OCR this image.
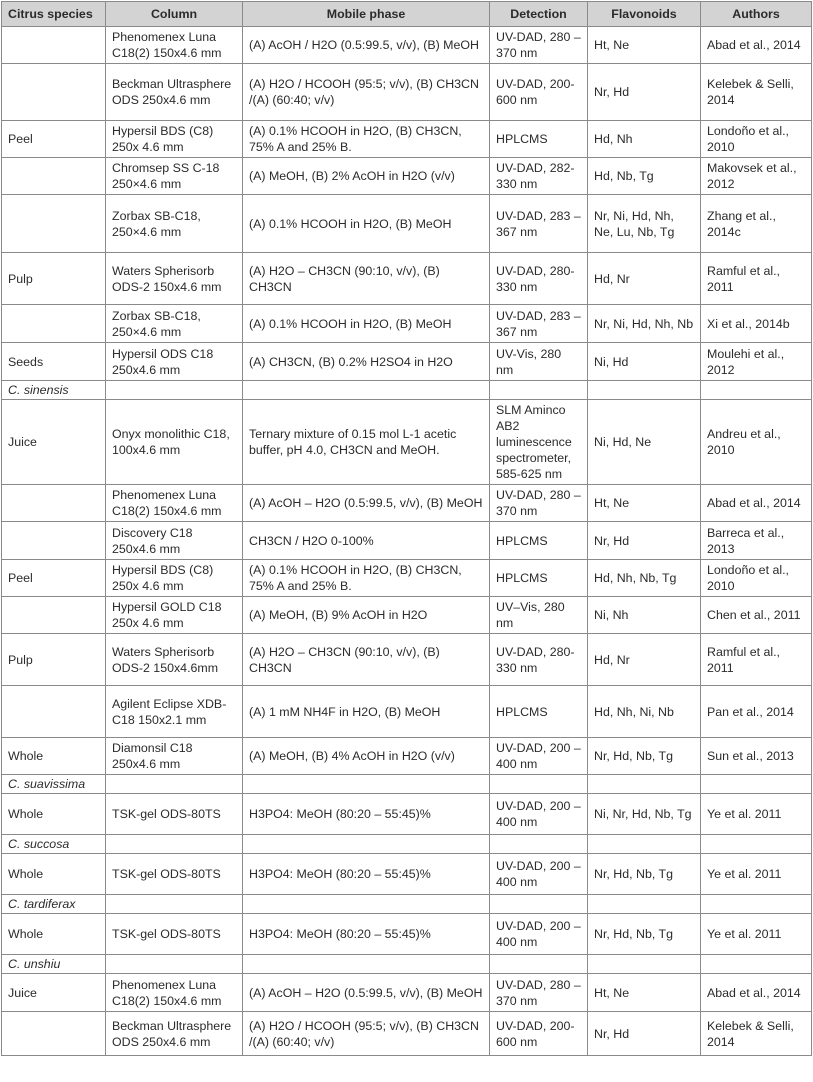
Citrus species	Column	Mobile phase	Detection	Flavonoids	Authors
	Phenomenex Luna C18(2) 150x4.6 mm	(A) AcOH / H2O (0.5:99.5, v/v), (B) MeOH	UV-DAD, 280 – 370 nm	Ht, Ne	Abad et al., 2014
	Beckman Ultrasphere ODS 250x4.6 mm	(A) H2O / HCOOH (95:5; v/v), (B) CH3CN /(A) (60:40; v/v)	UV-DAD, 200-600 nm	Nr, Hd	Kelebek & Selli, 2014
Peel	Hypersil BDS (C8) 250x 4.6 mm	(A) 0.1% HCOOH in H2O, (B) CH3CN, 75% A and 25% B.	HPLCMS	Hd, Nh	Londoño et al., 2010
	Chromsep SS C-18 250×4.6 mm	(A) MeOH, (B) 2% AcOH in H2O (v/v)	UV-DAD, 282-330 nm	Hd, Nb, Tg	Makovsek et al., 2012
	Zorbax SB-C18, 250×4.6 mm	(A) 0.1% HCOOH in H2O, (B) MeOH	UV-DAD, 283 – 367 nm	Nr, Ni, Hd, Nh, Ne, Lu, Nb, Tg	Zhang et al., 2014c
Pulp	Waters Spherisorb ODS-2 150x4.6 mm	(A) H2O – CH3CN (90:10, v/v), (B) CH3CN	UV-DAD, 280-330 nm	Hd, Nr	Ramful et al., 2011
	Zorbax SB-C18, 250×4.6 mm	(A) 0.1% HCOOH in H2O, (B) MeOH	UV-DAD, 283 – 367 nm	Nr, Ni, Hd, Nh, Nb	Xi et al., 2014b
Seeds	Hypersil ODS C18 250x4.6 mm	(A) CH3CN, (B) 0.2% H2SO4 in H2O	UV-Vis, 280 nm	Ni, Hd	Moulehi et al., 2012
C. sinensis					
Juice	Onyx monolithic C18, 100x4.6 mm	Ternary mixture of 0.15 mol L-1 acetic buffer, pH 4.0, CH3CN and MeOH.	SLM Aminco AB2 luminescence spectrometer, 585-625 nm	Ni, Hd, Ne	Andreu et al., 2010
	Phenomenex Luna C18(2) 150x4.6 mm	(A) AcOH – H2O (0.5:99.5, v/v), (B) MeOH	UV-DAD, 280 – 370 nm	Ht, Ne	Abad et al., 2014
	Discovery C18 250x4.6 mm	CH3CN / H2O 0-100%	HPLCMS	Nr, Hd	Barreca et al., 2013
Peel	Hypersil BDS (C8) 250x 4.6 mm	(A) 0.1% HCOOH in H2O, (B) CH3CN, 75% A and 25% B.	HPLCMS	Hd, Nh, Nb, Tg	Londoño et al., 2010
	Hypersil GOLD C18 250x 4.6 mm	(A) MeOH, (B) 9% AcOH in H2O	UV–Vis, 280 nm	Ni, Nh	Chen et al., 2011
Pulp	Waters Spherisorb ODS-2 150x4.6mm	(A) H2O – CH3CN (90:10, v/v), (B) CH3CN	UV-DAD, 280-330 nm	Hd, Nr	Ramful et al., 2011
	Agilent Eclipse XDB-C18 150x2.1 mm	(A) 1 mM NH4F in H2O, (B) MeOH	HPLCMS	Hd, Nh, Ni, Nb	Pan et al., 2014
Whole	Diamonsil C18 250x4.6 mm	(A) MeOH, (B) 4% AcOH in H2O (v/v)	UV-DAD, 200 – 400 nm	Nr, Hd, Nb, Tg	Sun et al., 2013
C. suavissima					
Whole	TSK-gel ODS-80TS	H3PO4: MeOH (80:20 – 55:45)%	UV-DAD, 200 – 400 nm	Ni, Nr, Hd, Nb, Tg	Ye et al. 2011
C. succosa					
Whole	TSK-gel ODS-80TS	H3PO4: MeOH (80:20 – 55:45)%	UV-DAD, 200 – 400 nm	Nr, Hd, Nb, Tg	Ye et al. 2011
C. tardiferax					
Whole	TSK-gel ODS-80TS	H3PO4: MeOH (80:20 – 55:45)%	UV-DAD, 200 – 400 nm	Nr, Hd, Nb, Tg	Ye et al. 2011
C. unshiu					
Juice	Phenomenex Luna C18(2) 150x4.6 mm	(A) AcOH – H2O (0.5:99.5, v/v), (B) MeOH	UV-DAD, 280 – 370 nm	Ht, Ne	Abad et al., 2014
	Beckman Ultrasphere ODS 250x4.6 mm	(A) H2O / HCOOH (95:5; v/v), (B) CH3CN /(A) (60:40; v/v)	UV-DAD, 200-600 nm	Nr, Hd	Kelebek & Selli, 2014
